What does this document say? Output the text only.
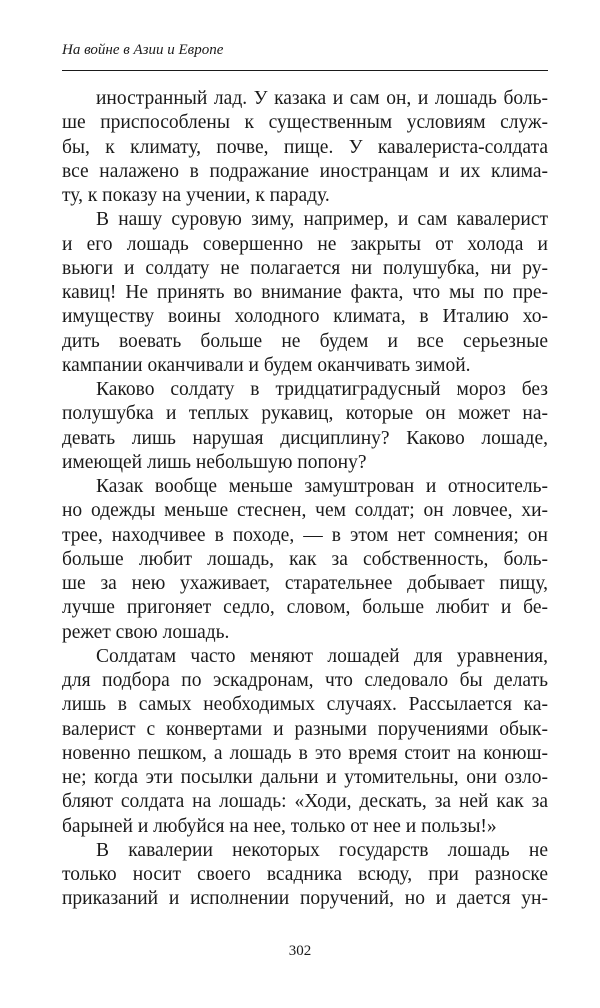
На войне в Азии и Европе
иностранный лад. У казака и сам он, и лошадь боль-
ше приспособлены к существенным условиям служ-
бы, к климату, почве, пище. У кавалериста-солдата
все налажено в подражание иностранцам и их клима-
ту, к показу на учении, к параду.
В нашу суровую зиму, например, и сам кавалерист
и его лошадь совершенно не закрыты от холода и
вьюги и солдату не полагается ни полушубка, ни ру-
кавиц! Не принять во внимание факта, что мы по пре-
имуществу воины холодного климата, в Италию хо-
дить воевать больше не будем и все серьезные
кампании оканчивали и будем оканчивать зимой.
Каково солдату в тридцатиградусный мороз без
полушубка и теплых рукавиц, которые он может на-
девать лишь нарушая дисциплину? Каково лошаде,
имеющей лишь небольшую попону?
Казак вообще меньше замуштрован и относитель-
но одежды меньше стеснен, чем солдат; он ловчее, хи-
трее, находчивее в походе, — в этом нет сомнения; он
больше любит лошадь, как за собственность, боль-
ше за нею ухаживает, старательнее добывает пищу,
лучше пригоняет седло, словом, больше любит и бе-
режет свою лошадь.
Солдатам часто меняют лошадей для уравнения,
для подбора по эскадронам, что следовало бы делать
лишь в самых необходимых случаях. Рассылается ка-
валерист с конвертами и разными поручениями обык-
новенно пешком, а лошадь в это время стоит на конюш-
не; когда эти посылки дальни и утомительны, они озло-
бляют солдата на лошадь: «Ходи, дескать, за ней как за
барыней и любуйся на нее, только от нее и пользы!»
В кавалерии некоторых государств лошадь не
только носит своего всадника всюду, при разноске
приказаний и исполнении поручений, но и дается ун-
302
